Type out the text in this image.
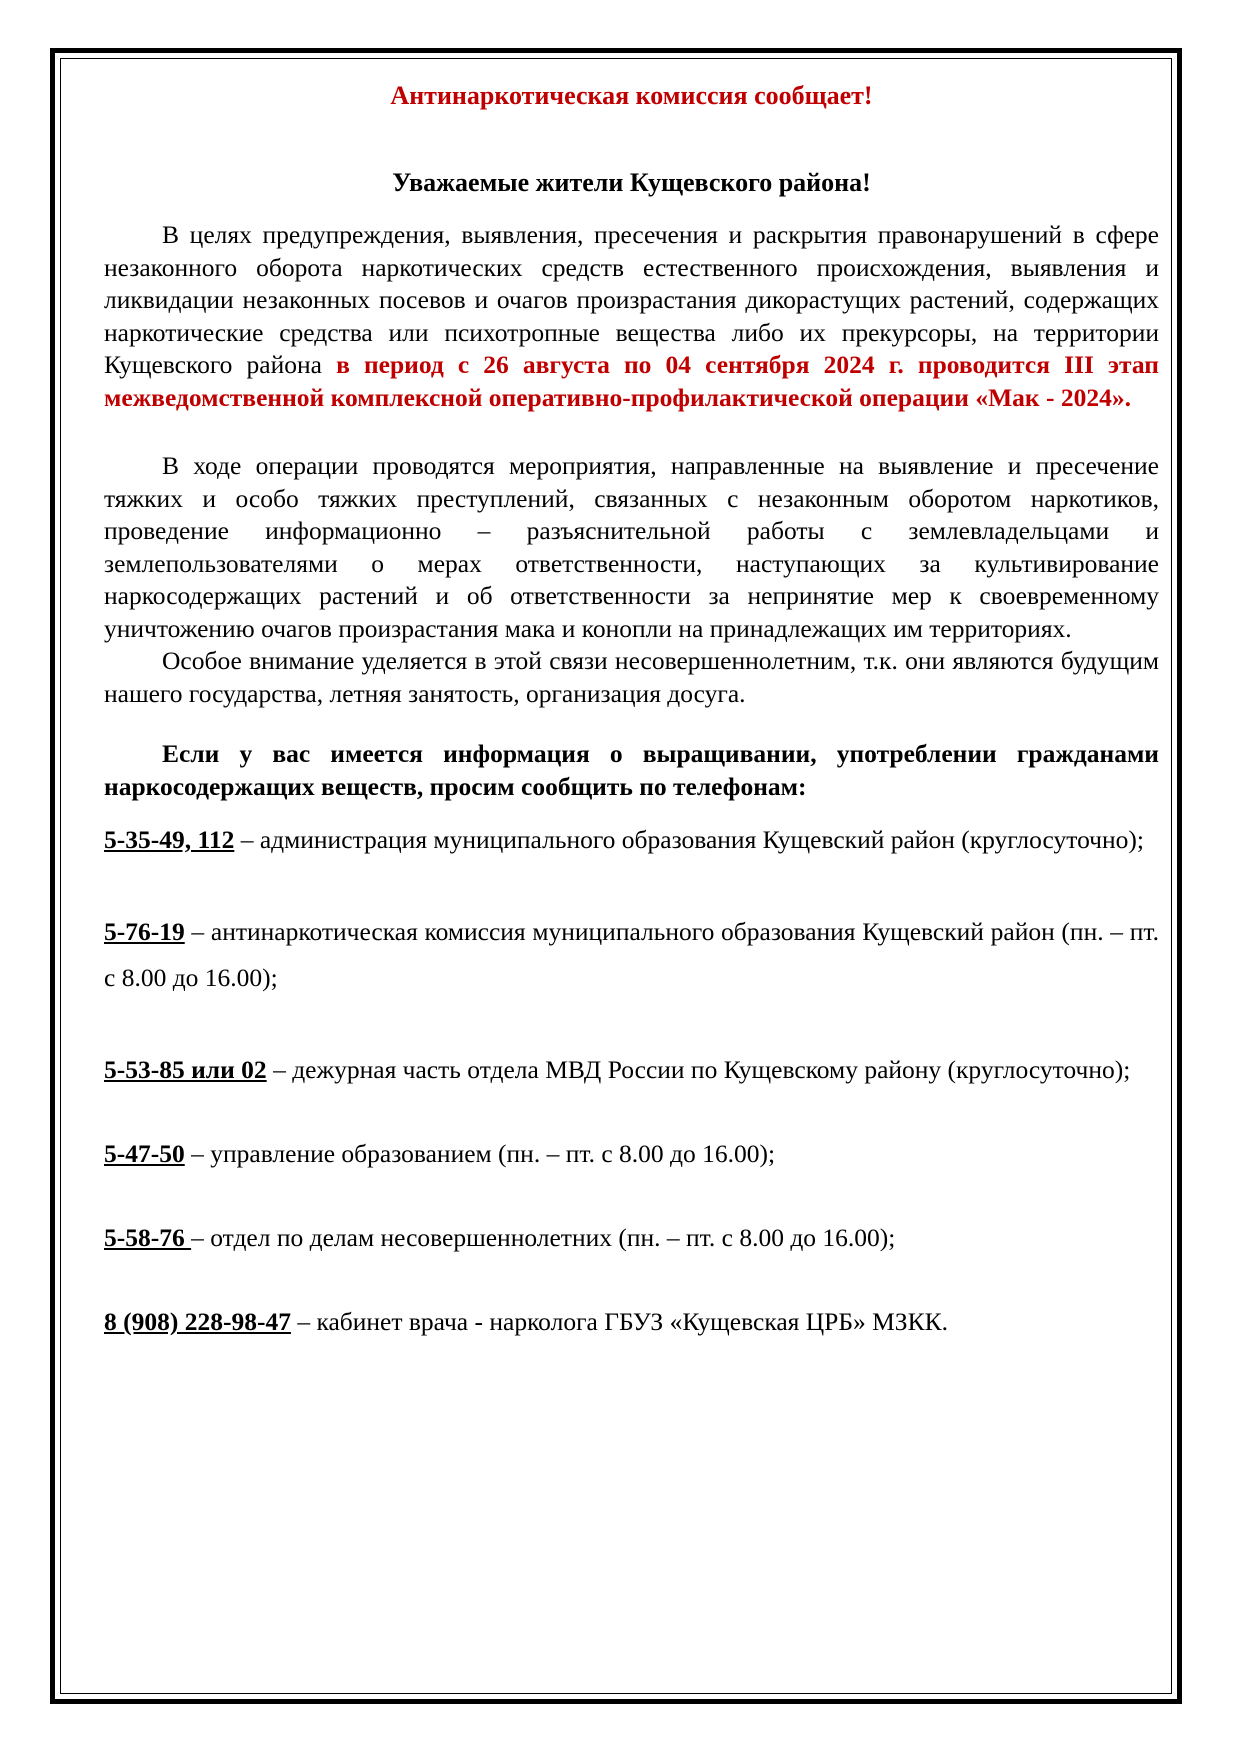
Антинаркотическая комиссия сообщает!
Уважаемые жители Кущевского района!

В целях предупреждения, выявления, пресечения и раскрытия правонарушений в сфере незаконного оборота наркотических средств естественного происхождения, выявления и ликвидации незаконных посевов и очагов произрастания дикорастущих растений, содержащих наркотические средства или психотропные вещества либо их прекурсоры, на территории Кущевского района в период с 26 августа по 04 сентября 2024 г. проводится III этап межведомственной комплексной оперативно-профилактической операции «Мак - 2024».

В ходе операции проводятся мероприятия, направленные на выявление и пресечение тяжких и особо тяжких преступлений, связанных с незаконным оборотом наркотиков, проведение информационно – разъяснительной работы с землевладельцами и землепользователями о мерах ответственности, наступающих за культивирование наркосодержащих растений и об ответственности за непринятие мер к своевременному уничтожению очагов произрастания мака и конопли на принадлежащих им территориях.

Особое внимание уделяется в этой связи несовершеннолетним, т.к. они являются будущим нашего государства, летняя занятость, организация досуга.

Если у вас имеется информация о выращивании, употреблении гражданами наркосодержащих веществ, просим сообщить по телефонам:

5-35-49, 112 – администрация муниципального образования Кущевский район (круглосуточно);

5-76-19 – антинаркотическая комиссия муниципального образования Кущевский район (пн. – пт. с 8.00 до 16.00);

5-53-85 или 02 – дежурная часть отдела МВД России по Кущевскому району (круглосуточно);

5-47-50 – управление образованием (пн. – пт. с 8.00 до 16.00);

5-58-76 – отдел по делам несовершеннолетних (пн. – пт. с 8.00 до 16.00);

8 (908) 228-98-47 – кабинет врача - нарколога ГБУЗ «Кущевская ЦРБ» МЗКК.
